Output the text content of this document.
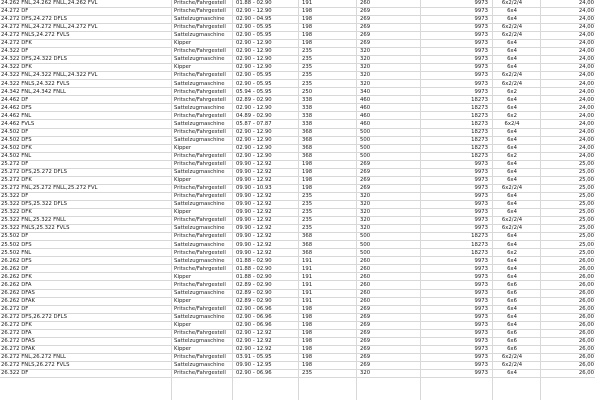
24.262 FNL,24.262 FNLL,24.262 FVL	Pritsche/Fahrgestell	01.88 - 02.90	191	260	9973	6x2/2/4	24,00
24.272 DF	Pritsche/Fahrgestell	02.90 - 12.90	198	269	9973	6x4	24,00
24.272 DFS,24.272 DFLS	Sattelzugmaschine	02.90 - 04.95	198	269	9973	6x4	24,00
24.272 FNL,24.272 FNLL,24.272 FVL	Pritsche/Fahrgestell	02.90 - 05.95	198	269	9973	6x2/2/4	24,00
24.272 FNLS,24.272 FVLS	Sattelzugmaschine	02.90 - 05.95	198	269	9973	6x2/2/4	24,00
24.272 DFK	Kipper	02.90 - 12.90	198	269	9973	6x4	24,00
24.322 DF	Pritsche/Fahrgestell	02.90 - 12.90	235	320	9973	6x4	24,00
24.322 DFS,24.322 DFLS	Sattelzugmaschine	02.90 - 12.90	235	320	9973	6x4	24,00
24.322 DFK	Kipper	02.90 - 12.90	235	320	9973	6x4	24,00
24.322 FNL,24.322 FNLL,24.322 FVL	Pritsche/Fahrgestell	02.90 - 05.95	235	320	9973	6x2/2/4	24,00
24.322 FNLS,24.322 FVLS	Sattelzugmaschine	02.90 - 05.95	235	320	9973	6x2/2/4	24,00
24.342 FNL,24.342 FNLL	Pritsche/Fahrgestell	05.94 - 05.95	250	340	9973	6x2	24,00
24.462 DF	Pritsche/Fahrgestell	02.89 - 02.90	338	460	18273	6x4	24,00
24.462 DFS	Sattelzugmaschine	02.90 - 12.90	338	460	18273	6x4	24,00
24.462 FNL	Pritsche/Fahrgestell	04.89 - 02.90	338	460	18273	6x2	24,00
24.462 FVLS	Sattelzugmaschine	05.87 - 07.87	338	460	18273	6x2/4	24,00
24.502 DF	Pritsche/Fahrgestell	02.90 - 12.90	368	500	18273	6x4	24,00
24.502 DFS	Sattelzugmaschine	02.90 - 12.90	368	500	18273	6x4	24,00
24.502 DFK	Kipper	02.90 - 12.90	368	500	18273	6x4	24,00
24.502 FNL	Pritsche/Fahrgestell	02.90 - 12.90	368	500	18273	6x2	24,00
25.272 DF	Pritsche/Fahrgestell	09.90 - 12.92	198	269	9973	6x4	25,00
25.272 DFS,25.272 DFLS	Sattelzugmaschine	09.90 - 12.92	198	269	9973	6x4	25,00
25.272 DFK	Kipper	09.90 - 12.92	198	269	9973	6x4	25,00
25.272 FNL,25.272 FNLL,25.272 FVL	Pritsche/Fahrgestell	09.90 - 10.93	198	269	9973	6x2/2/4	25,00
25.322 DF	Pritsche/Fahrgestell	09.90 - 12.92	235	320	9973	6x4	25,00
25.322 DFS,25.322 DFLS	Sattelzugmaschine	09.90 - 12.92	235	320	9973	6x4	25,00
25.322 DFK	Kipper	09.90 - 12.92	235	320	9973	6x4	25,00
25.322 FNL,25.322 FNLL	Pritsche/Fahrgestell	09.90 - 12.92	235	320	9973	6x2/2/4	25,00
25.322 FNLS,25.322 FVLS	Sattelzugmaschine	09.90 - 12.92	235	320	9973	6x2/2/4	25,00
25.502 DF	Pritsche/Fahrgestell	09.90 - 12.92	368	500	18273	6x4	25,00
25.502 DFS	Sattelzugmaschine	09.90 - 12.92	368	500	18273	6x4	25,00
25.502 FNL	Pritsche/Fahrgestell	09.90 - 12.92	368	500	18273	6x2	25,00
26.262 DFS	Sattelzugmaschine	01.88 - 02.90	191	260	9973	6x4	26,00
26.262 DF	Pritsche/Fahrgestell	01.88 - 02.90	191	260	9973	6x4	26,00
26.262 DFK	Kipper	01.88 - 02.90	191	260	9973	6x4	26,00
26.262 DFA	Pritsche/Fahrgestell	02.89 - 02.90	191	260	9973	6x6	26,00
26.262 DFAS	Sattelzugmaschine	02.89 - 02.90	191	260	9973	6x6	26,00
26.262 DFAK	Kipper	02.89 - 02.90	191	260	9973	6x6	26,00
26.272 DF	Pritsche/Fahrgestell	02.90 - 06.96	198	269	9973	6x4	26,00
26.272 DFS,26.272 DFLS	Sattelzugmaschine	02.90 - 06.96	198	269	9973	6x4	26,00
26.272 DFK	Kipper	02.90 - 06.96	198	269	9973	6x4	26,00
26.272 DFA	Pritsche/Fahrgestell	02.90 - 12.92	198	269	9973	6x6	26,00
26.272 DFAS	Sattelzugmaschine	02.90 - 12.92	198	269	9973	6x6	26,00
26.272 DFAK	Kipper	02.90 - 12.92	198	269	9973	6x6	26,00
26.272 FNL,26.272 FNLL	Pritsche/Fahrgestell	03.91 - 05.95	198	269	9973	6x2/2/4	26,00
26.272 FNLS,26.272 FVLS	Sattelzugmaschine	09.90 - 12.95	198	269	9973	6x2/2/4	26,00
26.322 DF	Pritsche/Fahrgestell	02.90 - 06.96	235	320	9973	6x4	26,00
